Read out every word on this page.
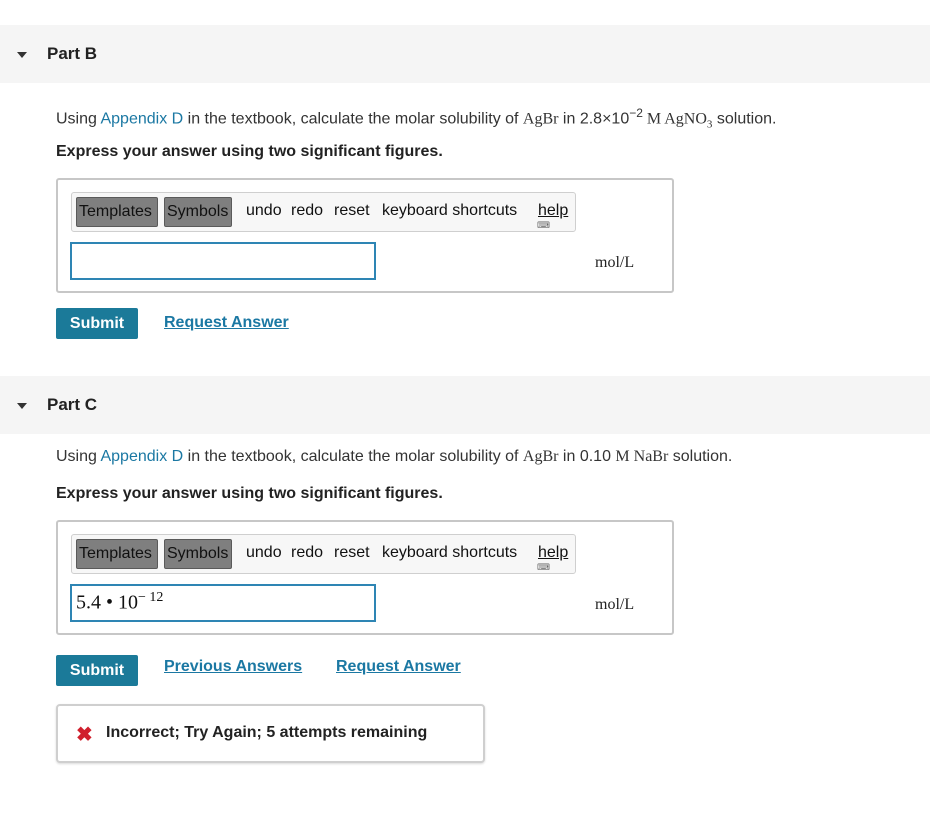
Part B
Using Appendix D in the textbook, calculate the molar solubility of AgBr in $2.8\times 10^{-2}$ M AgNO$_3$ solution.
Express your answer using two significant figures.
Templates Symbols undo redo reset keyboard shortcuts help
⌨
mol/L
Submit	Request Answer
Part C
Using Appendix D in the textbook, calculate the molar solubility of AgBr in 0.10 M NaBr solution.
Express your answer using two significant figures.
Templates Symbols undo redo reset keyboard shortcuts help
⌨
5.4 • $10^{- 12}$	mol/L
Submit	Previous Answers Request Answer
✖ Incorrect; Try Again; 5 attempts remaining
